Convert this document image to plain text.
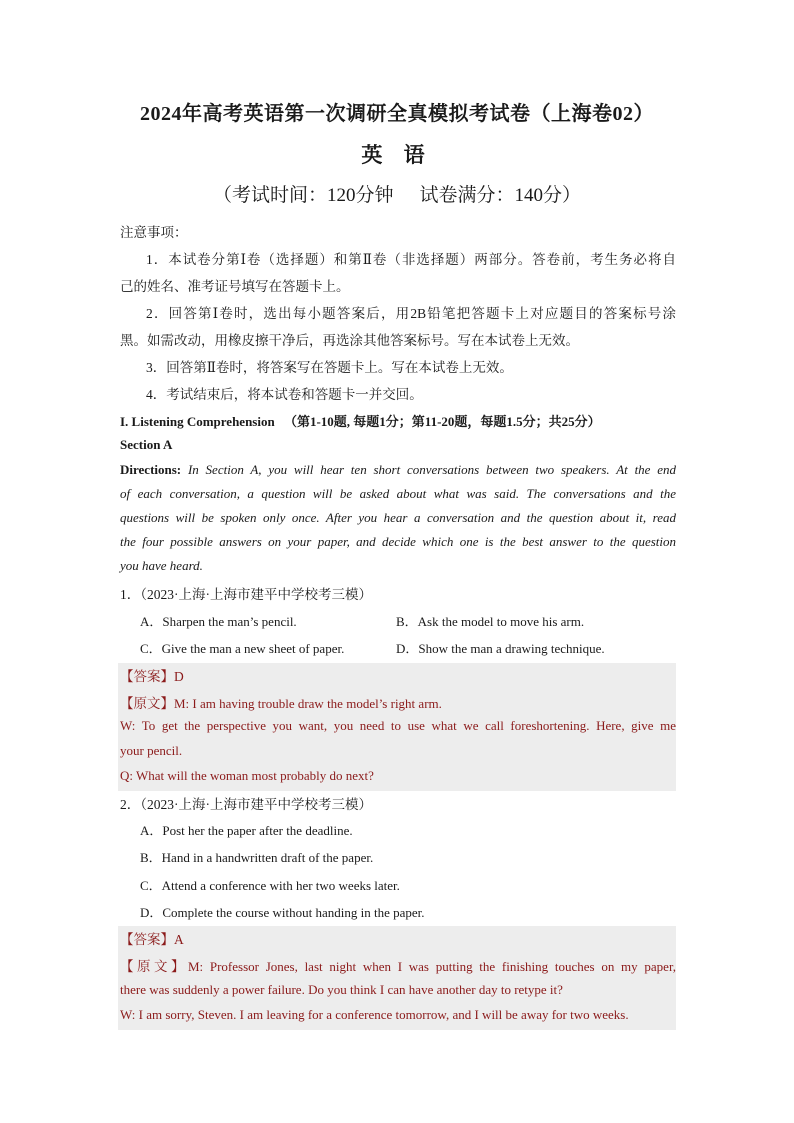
2024年高考英语第一次调研全真模拟考试卷（上海卷02）
英 语
（考试时间：120分钟 试卷满分：140分）
注意事项：
1．本试卷分第Ⅰ卷（选择题）和第Ⅱ卷（非选择题）两部分。答卷前，考生务必将自
己的姓名、准考证号填写在答题卡上。
2．回答第Ⅰ卷时，选出每小题答案后，用2B铅笔把答题卡上对应题目的答案标号涂
黑。如需改动，用橡皮擦干净后，再选涂其他答案标号。写在本试卷上无效。
3．回答第Ⅱ卷时，将答案写在答题卡上。写在本试卷上无效。
4．考试结束后，将本试卷和答题卡一并交回。
I. Listening Comprehension （第1-10题, 每题1分；第11-20题，每题1.5分；共25分）
Section A
Directions: In Section A, you will hear ten short conversations between two speakers. At the end
of each conversation, a question will be asked about what was said. The conversations and the
questions will be spoken only once. After you hear a conversation and the question about it, read
the four possible answers on your paper, and decide which one is the best answer to the question
you have heard.
1．（2023·上海·上海市建平中学校考三模）
A．Sharpen the man’s pencil.	B．Ask the model to move his arm.
C．Give the man a new sheet of paper.	D．Show the man a drawing technique.
【答案】D
【原文】M: I am having trouble draw the model’s right arm.
W: To get the perspective you want, you need to use what we call foreshortening. Here, give me
your pencil.
Q: What will the woman most probably do next?
2．（2023·上海·上海市建平中学校考三模）
A．Post her the paper after the deadline.
B．Hand in a handwritten draft of the paper.
C．Attend a conference with her two weeks later.
D．Complete the course without handing in the paper.
【答案】A
【原文】M: Professor Jones, last night when I was putting the finishing touches on my paper,
there was suddenly a power failure. Do you think I can have another day to retype it?
W: I am sorry, Steven. I am leaving for a conference tomorrow, and I will be away for two weeks.
